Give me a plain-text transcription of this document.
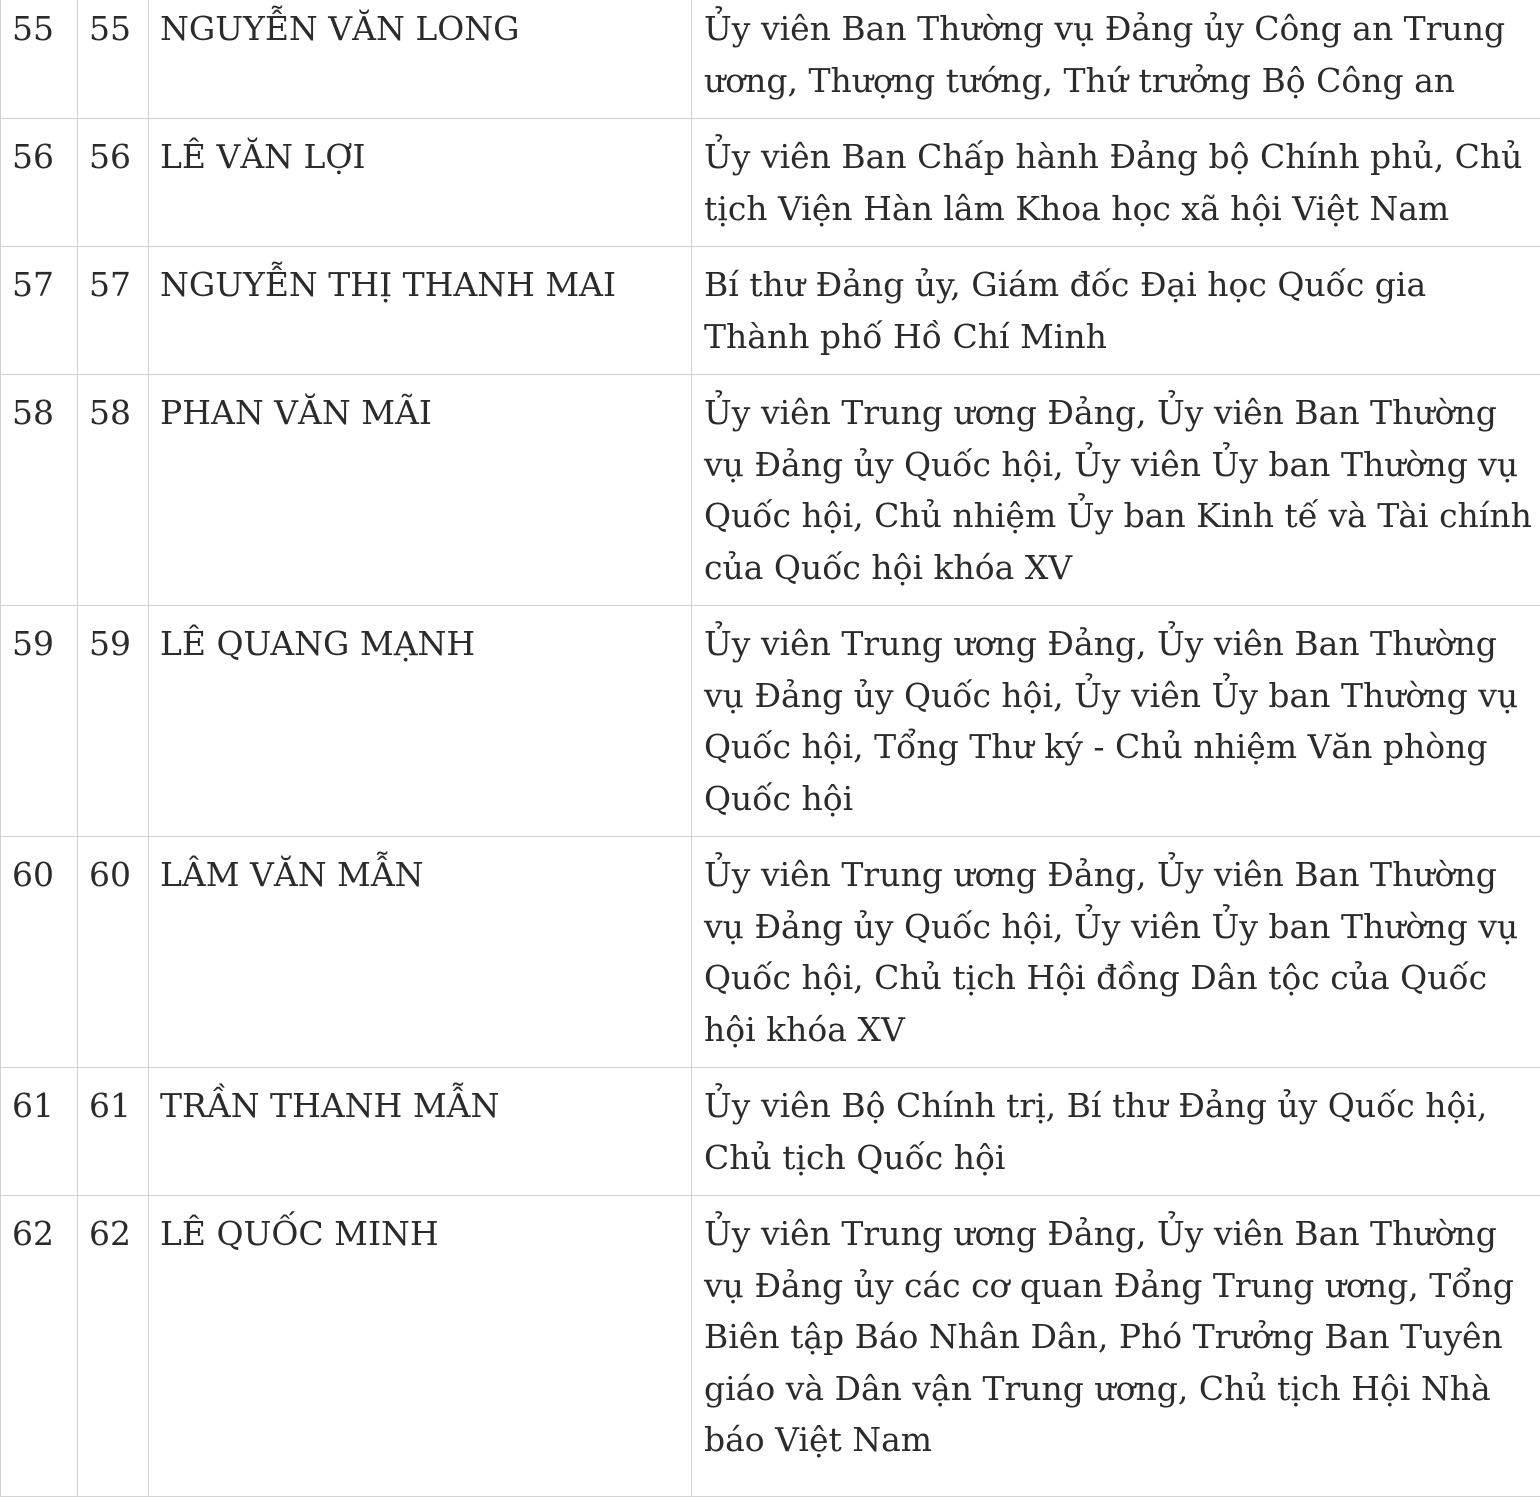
55	55	NGUYỄN VĂN LONG	Ủy viên Ban Thường vụ Đảng ủy Công an Trung ương, Thượng tướng, Thứ trưởng Bộ Công an
56	56	LÊ VĂN LỢI	Ủy viên Ban Chấp hành Đảng bộ Chính phủ, Chủ tịch Viện Hàn lâm Khoa học xã hội Việt Nam
57	57	NGUYỄN THỊ THANH MAI	Bí thư Đảng ủy, Giám đốc Đại học Quốc gia Thành phố Hồ Chí Minh
58	58	PHAN VĂN MÃI	Ủy viên Trung ương Đảng, Ủy viên Ban Thường vụ Đảng ủy Quốc hội, Ủy viên Ủy ban Thường vụ Quốc hội, Chủ nhiệm Ủy ban Kinh tế và Tài chính của Quốc hội khóa XV
59	59	LÊ QUANG MẠNH	Ủy viên Trung ương Đảng, Ủy viên Ban Thường vụ Đảng ủy Quốc hội, Ủy viên Ủy ban Thường vụ Quốc hội, Tổng Thư ký - Chủ nhiệm Văn phòng Quốc hội
60	60	LÂM VĂN MẪN	Ủy viên Trung ương Đảng, Ủy viên Ban Thường vụ Đảng ủy Quốc hội, Ủy viên Ủy ban Thường vụ Quốc hội, Chủ tịch Hội đồng Dân tộc của Quốc hội khóa XV
61	61	TRẦN THANH MẪN	Ủy viên Bộ Chính trị, Bí thư Đảng ủy Quốc hội, Chủ tịch Quốc hội
62	62	LÊ QUỐC MINH	Ủy viên Trung ương Đảng, Ủy viên Ban Thường vụ Đảng ủy các cơ quan Đảng Trung ương, Tổng Biên tập Báo Nhân Dân, Phó Trưởng Ban Tuyên giáo và Dân vận Trung ương, Chủ tịch Hội Nhà báo Việt Nam
